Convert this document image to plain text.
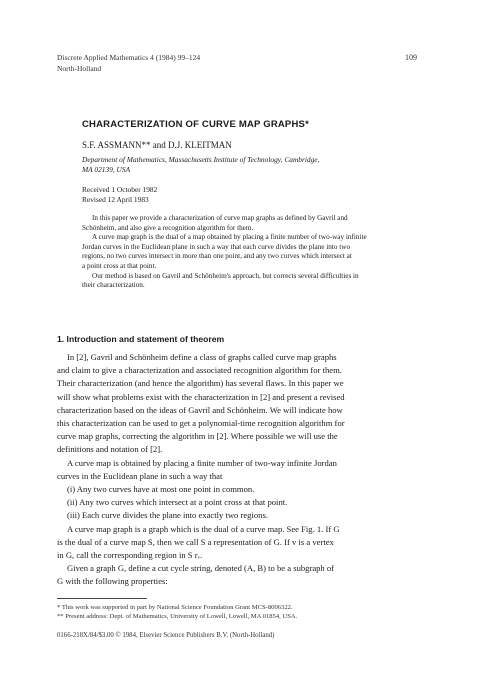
Discrete Applied Mathematics 4 (1984) 99–124
North-Holland
109
CHARACTERIZATION OF CURVE MAP GRAPHS*
S.F. ASSMANN** and D.J. KLEITMAN
Department of Mathematics, Massachusetts Institute of Technology, Cambridge,
MA 02139, USA
Received 1 October 1982
Revised 12 April 1983

In this paper we provide a characterization of curve map graphs as defined by Gavril and

Schönheim, and also give a recognition algorithm for them.

A curve map graph is the dual of a map obtained by placing a finite number of two-way infinite

Jordan curves in the Euclidean plane in such a way that each curve divides the plane into two

regions, no two curves intersect in more than one point, and any two curves which intersect at

a point cross at that point.

Our method is based on Gavril and Schönheim's approach, but corrects several difficulties in

their characterization.

1. Introduction and statement of theorem

In [2], Gavril and Schönheim define a class of graphs called curve map graphs

and claim to give a characterization and associated recognition algorithm for them.

Their characterization (and hence the algorithm) has several flaws. In this paper we

will show what problems exist with the characterization in [2] and present a revised

characterization based on the ideas of Gavril and Schönheim. We will indicate how

this characterization can be used to get a polynomial-time recognition algorithm for

curve map graphs, correcting the algorithm in [2]. Where possible we will use the

definitions and notation of [2].

A curve map is obtained by placing a finite number of two-way infinite Jordan

curves in the Euclidean plane in such a way that

(i) Any two curves have at most one point in common.

(ii) Any two curves which intersect at a point cross at that point.

(iii) Each curve divides the plane into exactly two regions.

A curve map graph is a graph which is the dual of a curve map. See Fig. 1. If G

is the dual of a curve map S, then we call S a representation of G. If v is a vertex

in G, call the corresponding region in S rᵥ.

Given a graph G, define a cut cycle string, denoted (A, B) to be a subgraph of

G with the following properties:

* This work was supported in part by National Science Foundation Grant MCS-8006322.
** Present address: Dept. of Mathematics, University of Lowell, Lowell, MA 01854, USA.
0166-218X/84/$3.00 © 1984, Elsevier Science Publishers B.V. (North-Holland)
